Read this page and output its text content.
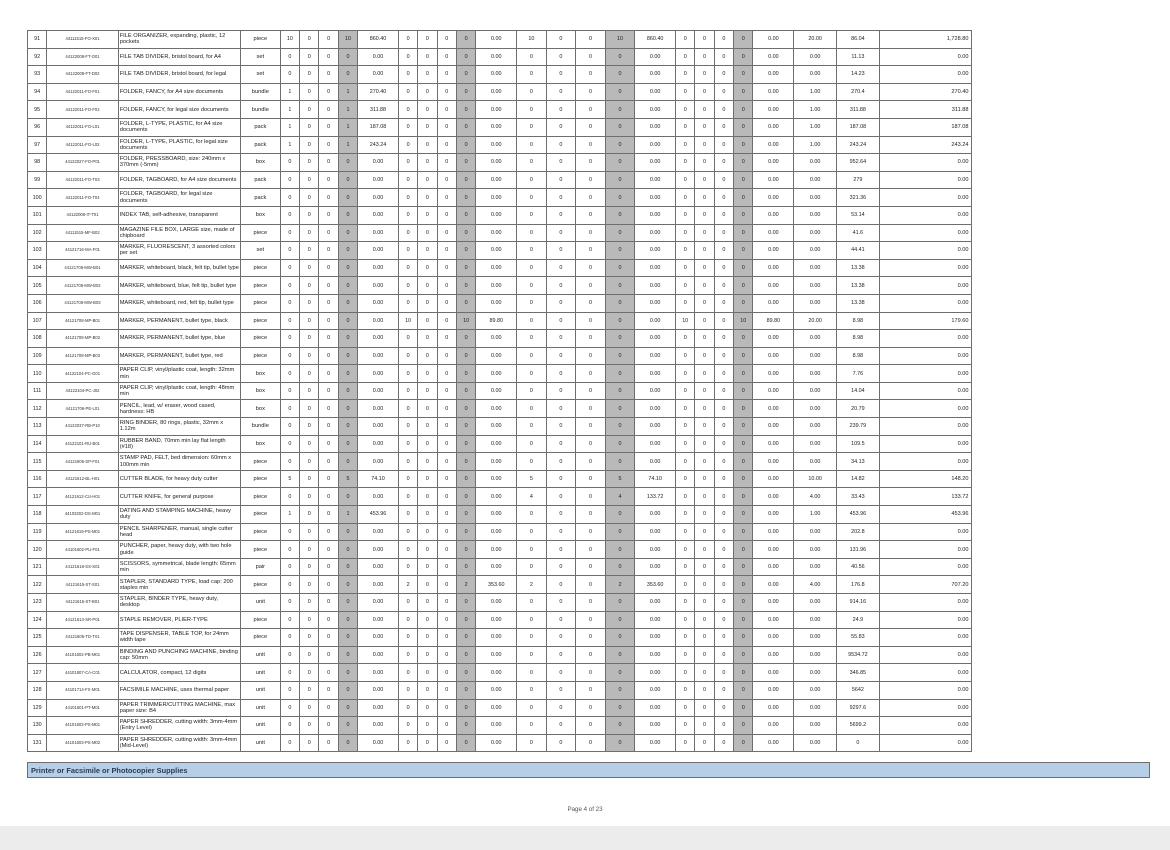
91	44111515-FO-X01	FILE ORGANIZER, expanding, plastic, 12 pockets	piece	10	0	0	10	860.40	0	0	0	0	0.00	10	0	0	10	860.40	0	0	0	0	0.00	20.00	86.04	1,728.80
92	44122008-FT-O01	FILE TAB DIVIDER, bristol board, for A4	set	0	0	0	0	0.00	0	0	0	0	0.00	0	0	0	0	0.00	0	0	0	0	0.00	0.00	11.13	0.00
93	44122008-FT-D02	FILE TAB DIVIDER, bristol board, for legal	set	0	0	0	0	0.00	0	0	0	0	0.00	0	0	0	0	0.00	0	0	0	0	0.00	0.00	14.23	0.00
94	44122011-FO-F01	FOLDER, FANCY, for A4 size documents	bundle	1	0	0	1	270.40	0	0	0	0	0.00	0	0	0	0	0.00	0	0	0	0	0.00	1.00	270.4	270.40
95	44122011-FO-F02	FOLDER, FANCY, for legal size documents	bundle	1	0	0	1	311.88	0	0	0	0	0.00	0	0	0	0	0.00	0	0	0	0	0.00	1.00	311.88	311.88
96	44122011-FO-L01	FOLDER, L-TYPE, PLASTIC, for A4 size documents	pack	1	0	0	1	187.08	0	0	0	0	0.00	0	0	0	0	0.00	0	0	0	0	0.00	1.00	187.08	187.08
97	44122011-FO-L02	FOLDER, L-TYPE, PLASTIC, for legal size documents	pack	1	0	0	1	243.24	0	0	0	0	0.00	0	0	0	0	0.00	0	0	0	0	0.00	1.00	243.24	243.24
98	44122027-FO-P01	FOLDER, PRESSBOARD, size: 240mm x 370mm (-5mm)	box	0	0	0	0	0.00	0	0	0	0	0.00	0	0	0	0	0.00	0	0	0	0	0.00	0.00	952.64	0.00
99	44122011-FO-T03	FOLDER, TAGBOARD, for A4 size documents	pack	0	0	0	0	0.00	0	0	0	0	0.00	0	0	0	0	0.00	0	0	0	0	0.00	0.00	279	0.00
100	44122011-FO-T04	FOLDER, TAGBOARD, for legal size documents	pack	0	0	0	0	0.00	0	0	0	0	0.00	0	0	0	0	0.00	0	0	0	0	0.00	0.00	321.36	0.00
101	44122008-IT-T01	INDEX TAB, self-adhesive, transparent	box	0	0	0	0	0.00	0	0	0	0	0.00	0	0	0	0	0.00	0	0	0	0	0.00	0.00	53.14	0.00
102	44111515-MF-B02	MAGAZINE FILE BOX, LARGE size, made of chipboard	piece	0	0	0	0	0.00	0	0	0	0	0.00	0	0	0	0	0.00	0	0	0	0	0.00	0.00	41.6	0.00
103	44121716-MA-F01	MARKER, FLUORESCENT, 3 assorted colors per set	set	0	0	0	0	0.00	0	0	0	0	0.00	0	0	0	0	0.00	0	0	0	0	0.00	0.00	44.41	0.00
104	44121708-MW-B01	MARKER, whiteboard, black, felt tip, bullet type	piece	0	0	0	0	0.00	0	0	0	0	0.00	0	0	0	0	0.00	0	0	0	0	0.00	0.00	13.38	0.00
105	44121708-MW-B02	MARKER, whiteboard, blue, felt tip, bullet type	piece	0	0	0	0	0.00	0	0	0	0	0.00	0	0	0	0	0.00	0	0	0	0	0.00	0.00	13.38	0.00
106	44121708-MW-B03	MARKER, whiteboard, red, felt tip, bullet type	piece	0	0	0	0	0.00	0	0	0	0	0.00	0	0	0	0	0.00	0	0	0	0	0.00	0.00	13.38	0.00
107	44121708-MP-B01	MARKER, PERMANENT, bullet type, black	piece	0	0	0	0	0.00	10	0	0	10	89.80	0	0	0	0	0.00	10	0	0	10	89.80	20.00	8.98	179.60
108	44121708-MP-B02	MARKER, PERMANENT, bullet type, blue	piece	0	0	0	0	0.00	0	0	0	0	0.00	0	0	0	0	0.00	0	0	0	0	0.00	0.00	8.98	0.00
109	44121708-MP-B03	MARKER, PERMANENT, bullet type, red	piece	0	0	0	0	0.00	0	0	0	0	0.00	0	0	0	0	0.00	0	0	0	0	0.00	0.00	8.98	0.00
110	44122104-PC-G01	PAPER CLIP, vinyl/plastic coat, length: 32mm min	box	0	0	0	0	0.00	0	0	0	0	0.00	0	0	0	0	0.00	0	0	0	0	0.00	0.00	7.76	0.00
111	44122104-PC-J02	PAPER CLIP, vinyl/plastic coat, length: 48mm min	box	0	0	0	0	0.00	0	0	0	0	0.00	0	0	0	0	0.00	0	0	0	0	0.00	0.00	14.04	0.00
112	44121706-PE-L01	PENCIL, lead, w/ eraser, wood cased, hardness: HB	box	0	0	0	0	0.00	0	0	0	0	0.00	0	0	0	0	0.00	0	0	0	0	0.00	0.00	20.79	0.00
113	44122037-RB-P10	RING BINDER, 80 rings, plastic, 32mm x 1.12m	bundle	0	0	0	0	0.00	0	0	0	0	0.00	0	0	0	0	0.00	0	0	0	0	0.00	0.00	239.79	0.00
114	44122101-RU-B01	RUBBER BAND, 70mm min lay flat length (#18)	box	0	0	0	0	0.00	0	0	0	0	0.00	0	0	0	0	0.00	0	0	0	0	0.00	0.00	109.5	0.00
115	44121905-SP-F01	STAMP PAD, FELT, bed dimension: 60mm x 100mm min	piece	0	0	0	0	0.00	0	0	0	0	0.00	0	0	0	0	0.00	0	0	0	0	0.00	0.00	34.13	0.00
116	44121612-BL-H01	CUTTER BLADE, for heavy duty cutter	piece	5	0	0	5	74.10	0	0	0	0	0.00	5	0	0	5	74.10	0	0	0	0	0.00	10.00	14.82	148.20
117	44121612-CU-H01	CUTTER KNIFE, for general purpose	piece	0	0	0	0	0.00	0	0	0	0	0.00	4	0	0	4	133.72	0	0	0	0	0.00	4.00	33.43	133.72
118	44103202-DS-M01	DATING AND STAMPING MACHINE, heavy duty	piece	1	0	0	1	453.96	0	0	0	0	0.00	0	0	0	0	0.00	0	0	0	0	0.00	1.00	453.96	453.96
119	44121619-PS-M01	PENCIL SHARPENER, manual, single cutter head	piece	0	0	0	0	0.00	0	0	0	0	0.00	0	0	0	0	0.00	0	0	0	0	0.00	0.00	202.8	0.00
120	44101602-PU-F01	PUNCHER, paper, heavy duty, with two hole guide	piece	0	0	0	0	0.00	0	0	0	0	0.00	0	0	0	0	0.00	0	0	0	0	0.00	0.00	131.96	0.00
121	44121618-SS-S01	SCISSORS, symmetrical, blade length: 65mm min	pair	0	0	0	0	0.00	0	0	0	0	0.00	0	0	0	0	0.00	0	0	0	0	0.00	0.00	40.56	0.00
122	44121615-ST-S01	STAPLER, STANDARD TYPE, load cap: 200 staples min	piece	0	0	0	0	0.00	2	0	0	2	353.60	2	0	0	2	353.60	0	0	0	0	0.00	4.00	176.8	707.20
123	44121615-ST-B01	STAPLER, BINDER TYPE, heavy duty, desktop	unit	0	0	0	0	0.00	0	0	0	0	0.00	0	0	0	0	0.00	0	0	0	0	0.00	0.00	914.16	0.00
124	44121613-SR-P01	STAPLE REMOVER, PLIER-TYPE	piece	0	0	0	0	0.00	0	0	0	0	0.00	0	0	0	0	0.00	0	0	0	0	0.00	0.00	24.9	0.00
125	44121605-TD-T01	TAPE DISPENSER, TABLE TOP, for 24mm width tape	piece	0	0	0	0	0.00	0	0	0	0	0.00	0	0	0	0	0.00	0	0	0	0	0.00	0.00	55.83	0.00
126	44101602-PB-M01	BINDING AND PUNCHING MACHINE, binding cap: 50mm	unit	0	0	0	0	0.00	0	0	0	0	0.00	0	0	0	0	0.00	0	0	0	0	0.00	0.00	9534.72	0.00
127	44101807-CA-C01	CALCULATOR, compact, 12 digits	unit	0	0	0	0	0.00	0	0	0	0	0.00	0	0	0	0	0.00	0	0	0	0	0.00	0.00	346.85	0.00
128	44101714-FX-M01	FACSIMILE MACHINE, uses thermal paper	unit	0	0	0	0	0.00	0	0	0	0	0.00	0	0	0	0	0.00	0	0	0	0	0.00	0.00	5642	0.00
129	44101601-PT-M01	PAPER TRIMMER/CUTTING MACHINE, max paper size: B4	unit	0	0	0	0	0.00	0	0	0	0	0.00	0	0	0	0	0.00	0	0	0	0	0.00	0.00	9297.6	0.00
130	44101603-PS-M01	PAPER SHREDDER, cutting width: 3mm-4mm (Entry Level)	unit	0	0	0	0	0.00	0	0	0	0	0.00	0	0	0	0	0.00	0	0	0	0	0.00	0.00	5699.2	0.00
131	44101603-PS-M02	PAPER SHREDDER, cutting width: 3mm-4mm (Mid-Level)	unit	0	0	0	0	0.00	0	0	0	0	0.00	0	0	0	0	0.00	0	0	0	0	0.00	0.00	0	0.00
Printer or Facsimile or Photocopier Supplies
Page 4 of 23
